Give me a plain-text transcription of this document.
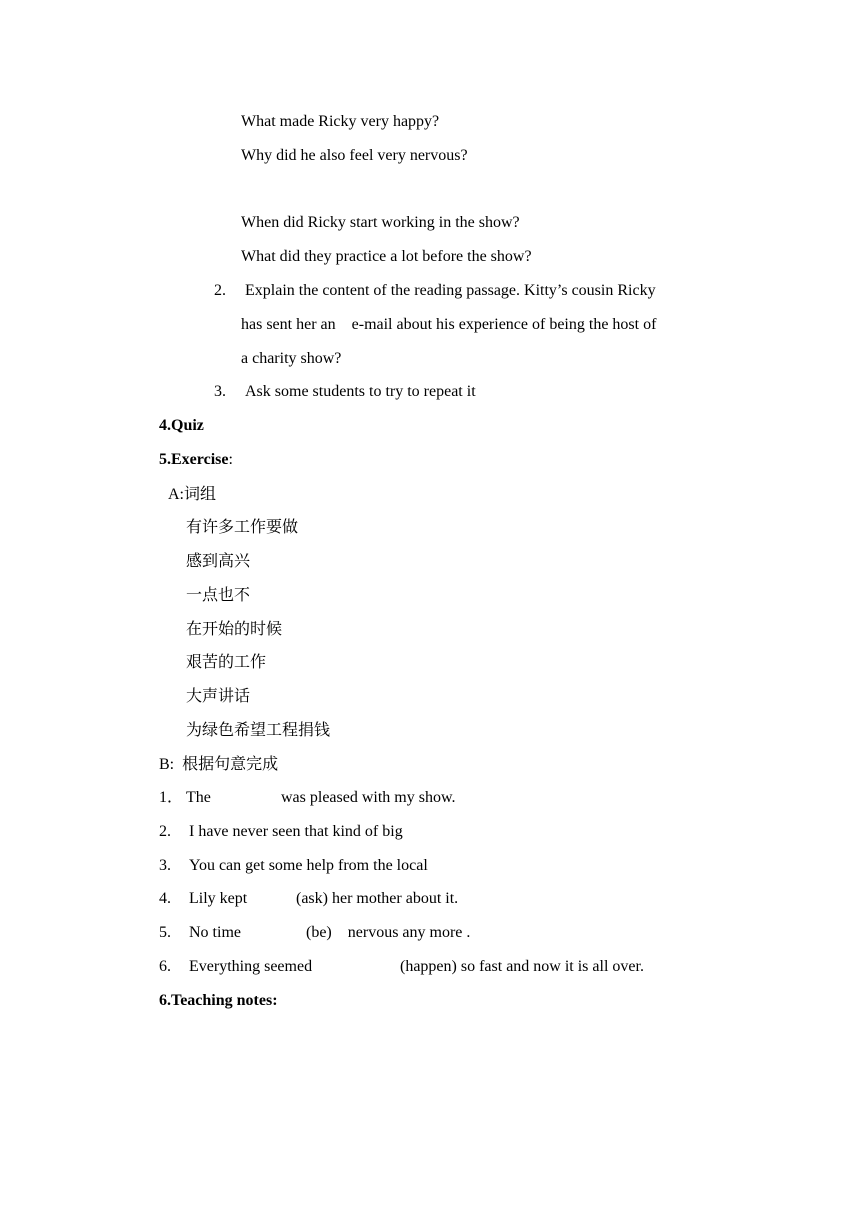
What made Ricky very happy?
Why did he also feel very nervous?
When did Ricky start working in the show?
What did they practice a lot before the show?
2. Explain the content of the reading passage. Kitty’s cousin Ricky
has sent her an    e-mail about his experience of being the host of
a charity show?
3. Ask some students to try to repeat it
4.Quiz
5.Exercise:
A:词组
有许多工作要做
感到高兴
一点也不
在开始的时候
艰苦的工作
大声讲话
为绿色希望工程捐钱
B: 根据句意完成
1． The	was pleased with my show.
2. I have never seen that kind of big
3. You can get some help from the local
4. Lily kept	(ask) her mother about it.
5. No time	(be)    nervous any more .
6. Everything seemed	(happen) so fast and now it is all over.
6.Teaching notes:
